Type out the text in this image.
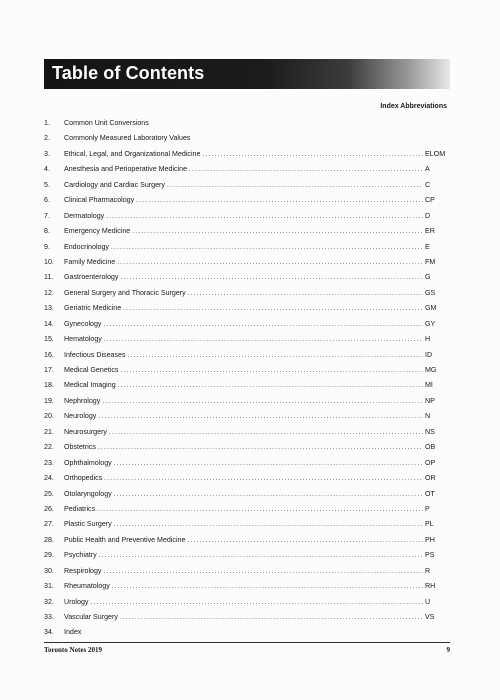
Table of Contents
Index Abbreviations
1.	Common Unit Conversions
2.	Commonly Measured Laboratory Values
3.	Ethical, Legal, and Organizational Medicine .....	ELOM
4.	Anesthesia and Perioperative Medicine .....	A
5.	Cardiology and Cardiac Surgery .....	C
6.	Clinical Pharmacology .....	CP
7.	Dermatology .....	D
8.	Emergency Medicine .....	ER
9.	Endocrinology .....	E
10.	Family Medicine .....	FM
11.	Gastroenterology .....	G
12.	General Surgery and Thoracic Surgery .....	GS
13.	Geriatric Medicine .....	GM
14.	Gynecology .....	GY
15.	Hematology .....	H
16.	Infectious Diseases .....	ID
17.	Medical Genetics .....	MG
18.	Medical Imaging .....	MI
19.	Nephrology .....	NP
20.	Neurology .....	N
21.	Neurosurgery .....	NS
22.	Obstetrics .....	OB
23.	Ophthalmology .....	OP
24.	Orthopedics .....	OR
25.	Otolaryngology .....	OT
26.	Pediatrics .....	P
27.	Plastic Surgery .....	PL
28.	Public Health and Preventive Medicine .....	PH
29.	Psychiatry .....	PS
30.	Respirology .....	R
31.	Rheumatology .....	RH
32.	Urology .....	U
33.	Vascular Surgery .....	VS
34.	Index
Toronto Notes 2019	9
